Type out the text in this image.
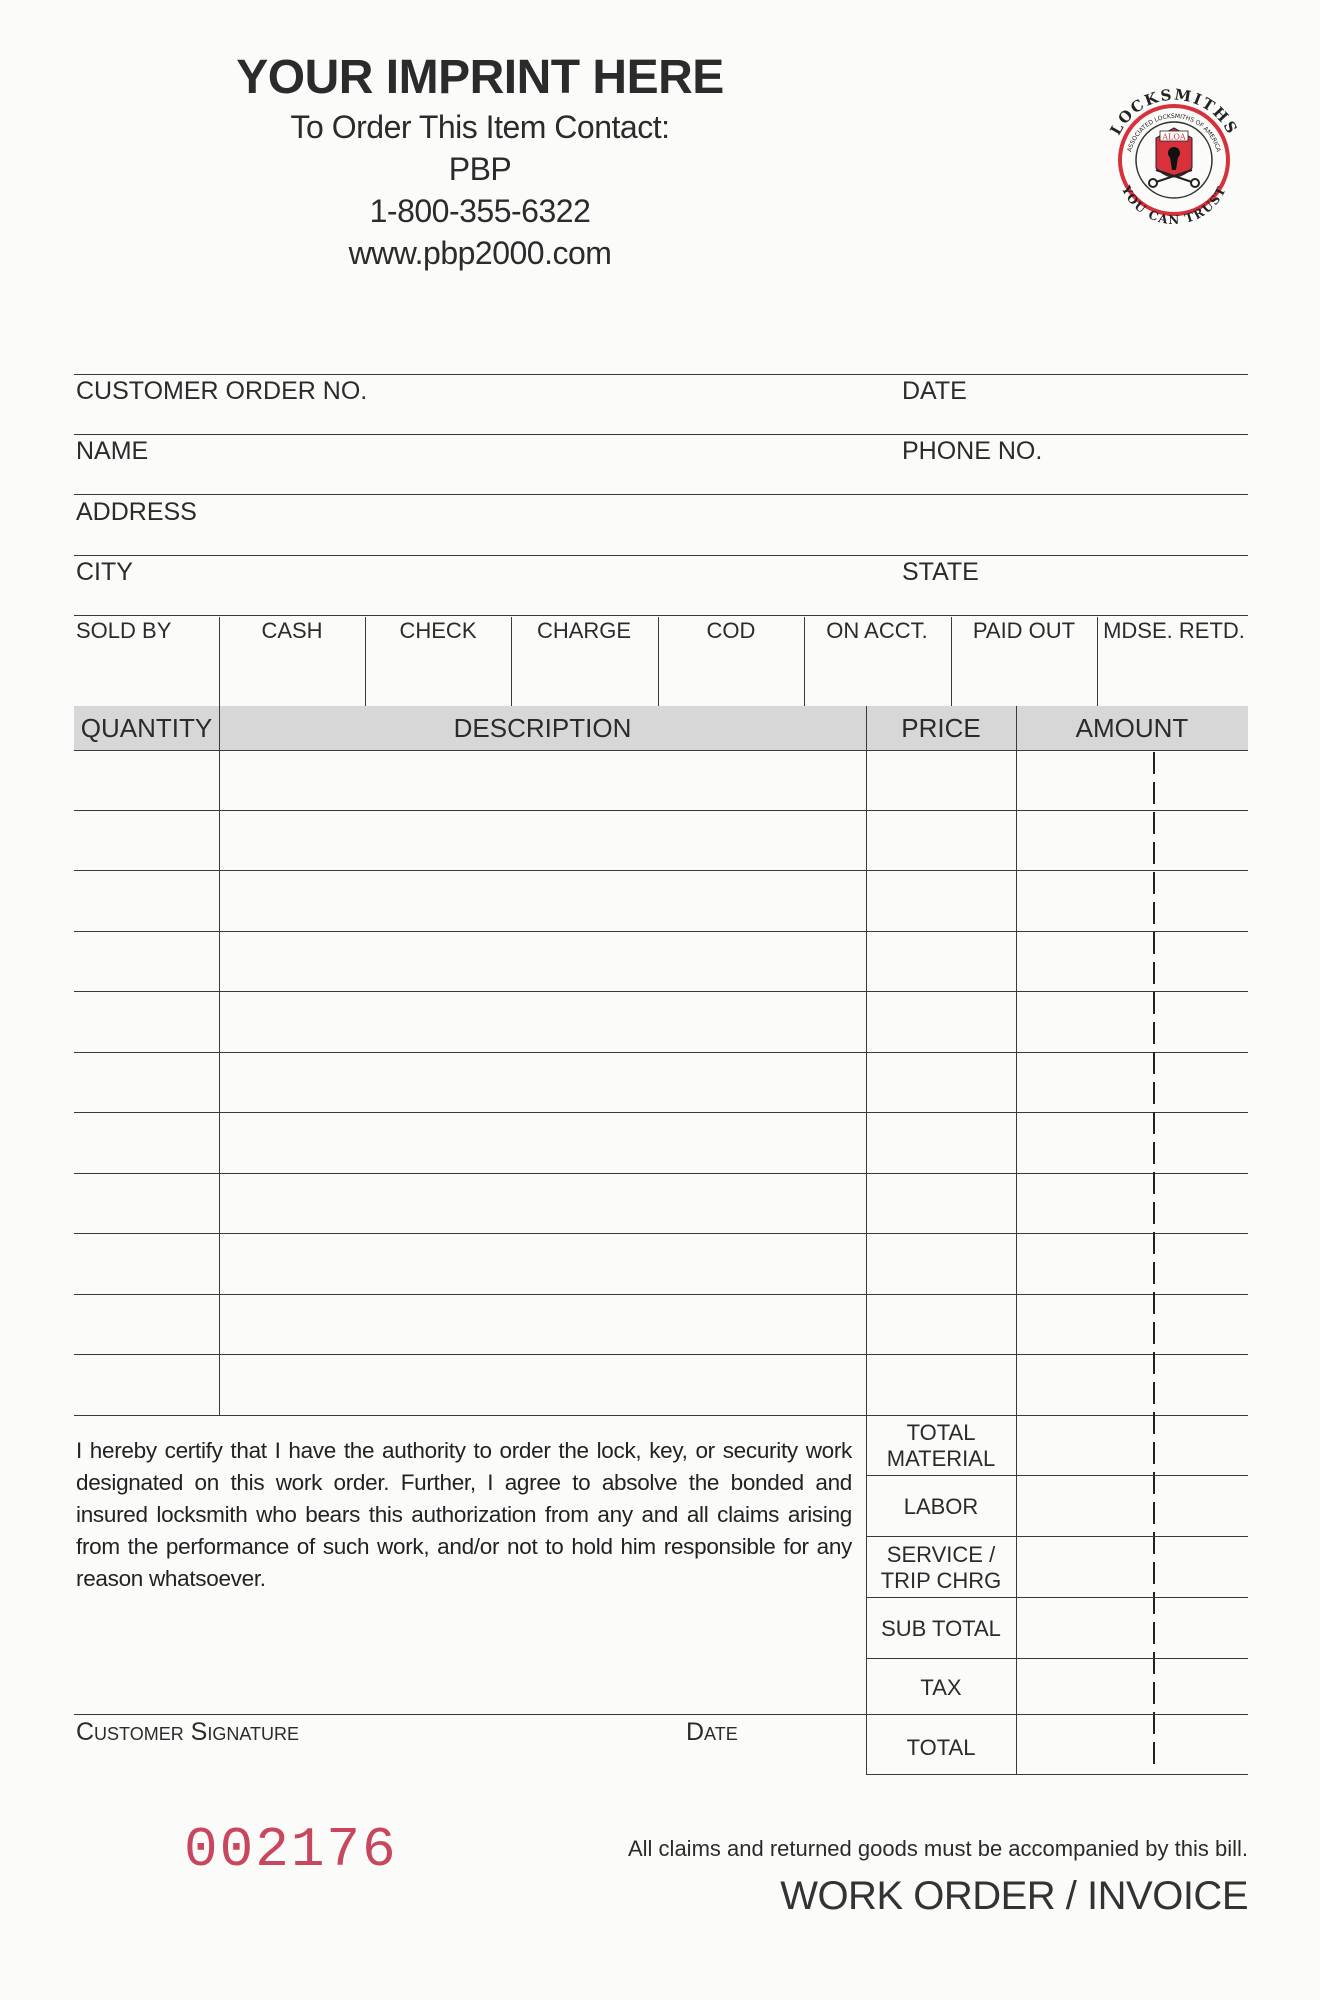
YOUR IMPRINT HERE
To Order This Item Contact:
PBP
1-800-355-6322
www.pbp2000.com
LOCKSMITHS
YOU CAN TRUST
ASSOCIATED LOCKSMITHS OF AMERICA
ALOA
CUSTOMER ORDER NO.	DATE
NAME	PHONE NO.
ADDRESS
CITY	STATE
SOLD BY	CASH	CHECK	CHARGE	COD	ON ACCT.	PAID OUT	MDSE. RETD.
QUANTITY	DESCRIPTION	PRICE	AMOUNT
TOTAL
MATERIAL
LABOR
SERVICE /
TRIP CHRG
SUB TOTAL
TAX
TOTAL
I hereby certify that I have the authority to order the lock, key, or security work designated on this work order. Further, I agree to absolve the bonded and insured locksmith who bears this authorization from any and all claims arising from the performance of such work, and/or not to hold him responsible for any reason whatsoever.
Customer Signature	Date
002176	All claims and returned goods must be accompanied by this bill.
WORK ORDER / INVOICE
